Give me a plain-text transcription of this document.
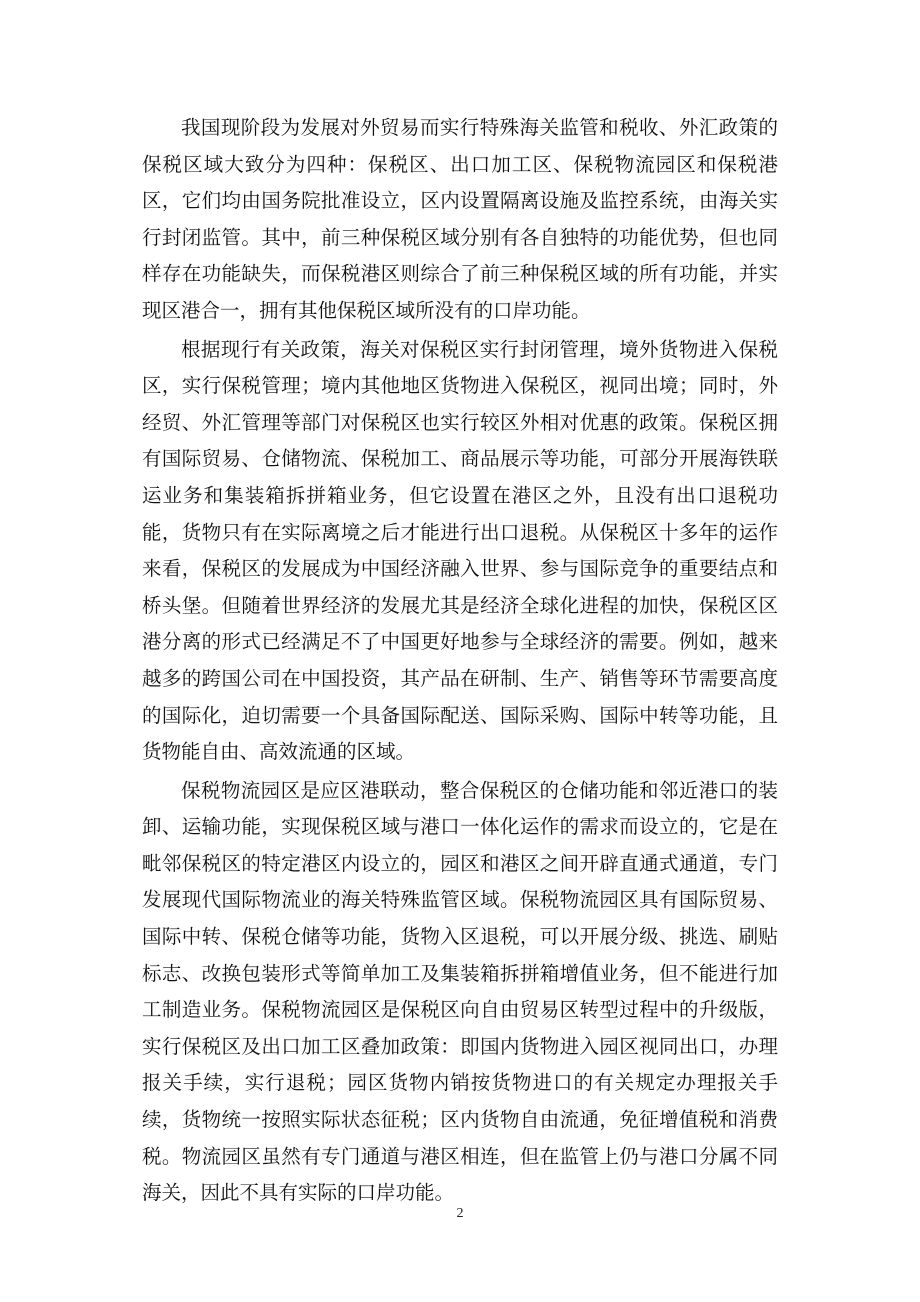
我国现阶段为发展对外贸易而实行特殊海关监管和税收、外汇政策的保税区域大致分为四种：保税区、出口加工区、保税物流园区和保税港区，它们均由国务院批准设立，区内设置隔离设施及监控系统，由海关实行封闭监管。其中，前三种保税区域分别有各自独特的功能优势，但也同样存在功能缺失，而保税港区则综合了前三种保税区域的所有功能，并实现区港合一，拥有其他保税区域所没有的口岸功能。

根据现行有关政策，海关对保税区实行封闭管理，境外货物进入保税区，实行保税管理；境内其他地区货物进入保税区，视同出境；同时，外经贸、外汇管理等部门对保税区也实行较区外相对优惠的政策。保税区拥有国际贸易、仓储物流、保税加工、商品展示等功能，可部分开展海铁联运业务和集装箱拆拼箱业务，但它设置在港区之外，且没有出口退税功能，货物只有在实际离境之后才能进行出口退税。从保税区十多年的运作来看，保税区的发展成为中国经济融入世界、参与国际竞争的重要结点和桥头堡。但随着世界经济的发展尤其是经济全球化进程的加快，保税区区港分离的形式已经满足不了中国更好地参与全球经济的需要。例如，越来越多的跨国公司在中国投资，其产品在研制、生产、销售等环节需要高度的国际化，迫切需要一个具备国际配送、国际采购、国际中转等功能，且货物能自由、高效流通的区域。

保税物流园区是应区港联动，整合保税区的仓储功能和邻近港口的装卸、运输功能，实现保税区域与港口一体化运作的需求而设立的，它是在毗邻保税区的特定港区内设立的，园区和港区之间开辟直通式通道，专门发展现代国际物流业的海关特殊监管区域。保税物流园区具有国际贸易、国际中转、保税仓储等功能，货物入区退税，可以开展分级、挑选、刷贴标志、改换包装形式等简单加工及集装箱拆拼箱增值业务，但不能进行加工制造业务。保税物流园区是保税区向自由贸易区转型过程中的升级版，实行保税区及出口加工区叠加政策：即国内货物进入园区视同出口，办理报关手续，实行退税；园区货物内销按货物进口的有关规定办理报关手续，货物统一按照实际状态征税；区内货物自由流通，免征增值税和消费税。物流园区虽然有专门通道与港区相连，但在监管上仍与港口分属不同海关，因此不具有实际的口岸功能。

2
